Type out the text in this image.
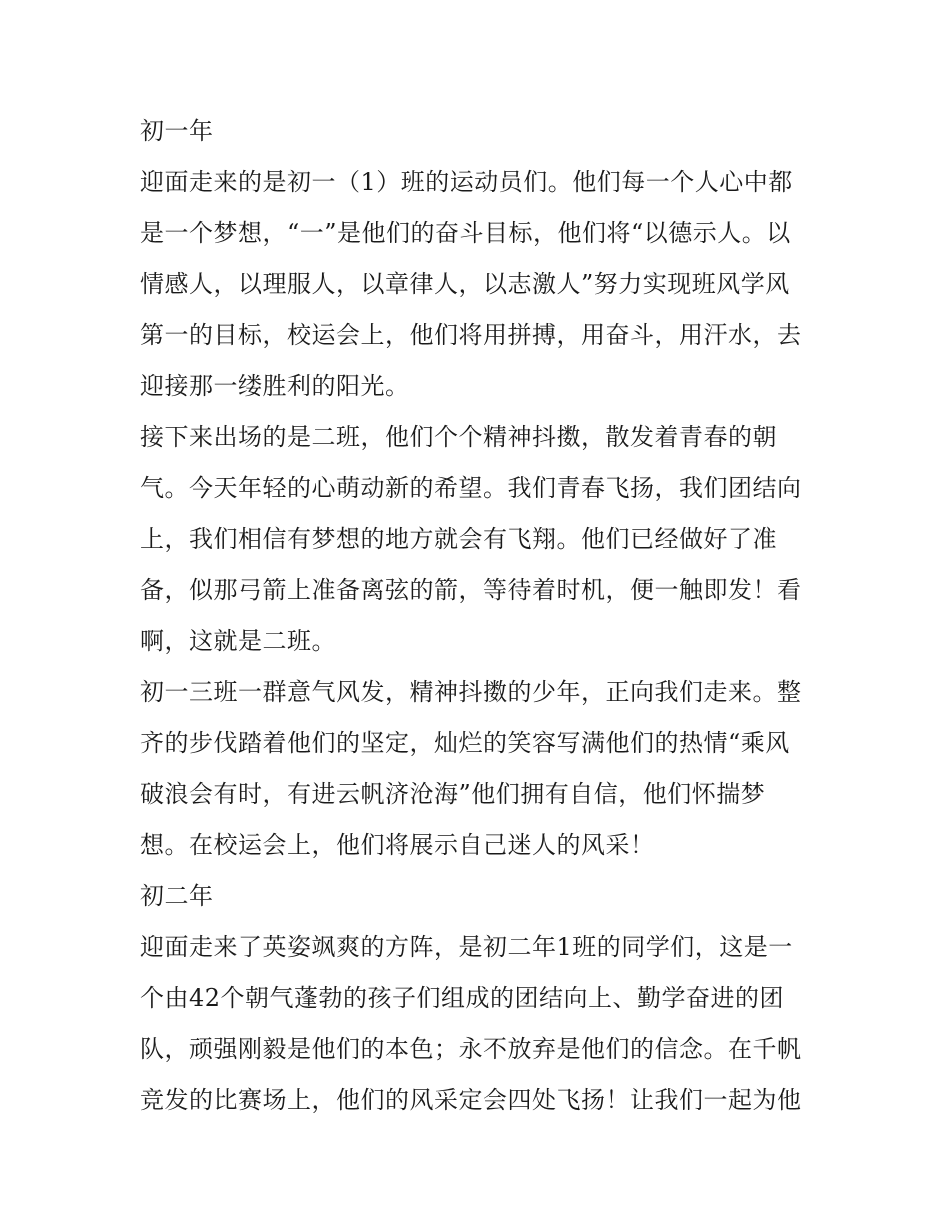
初一年
迎面走来的是初一（1）班的运动员们。他们每一个人心中都
是一个梦想，“一”是他们的奋斗目标，他们将“以德示人。以
情感人，以理服人，以章律人，以志激人”努力实现班风学风
第一的目标，校运会上，他们将用拼搏，用奋斗，用汗水，去
迎接那一缕胜利的阳光。
接下来出场的是二班，他们个个精神抖擞，散发着青春的朝
气。今天年轻的心萌动新的希望。我们青春飞扬，我们团结向
上，我们相信有梦想的地方就会有飞翔。他们已经做好了准
备，似那弓箭上准备离弦的箭，等待着时机，便一触即发！看
啊，这就是二班。
初一三班一群意气风发，精神抖擞的少年，正向我们走来。整
齐的步伐踏着他们的坚定，灿烂的笑容写满他们的热情“乘风
破浪会有时，有进云帆济沧海”他们拥有自信，他们怀揣梦
想。在校运会上，他们将展示自己迷人的风采！
初二年
迎面走来了英姿飒爽的方阵，是初二年1班的同学们，这是一
个由42个朝气蓬勃的孩子们组成的团结向上、勤学奋进的团
队，顽强刚毅是他们的本色；永不放弃是他们的信念。在千帆
竞发的比赛场上，他们的风采定会四处飞扬！让我们一起为他
